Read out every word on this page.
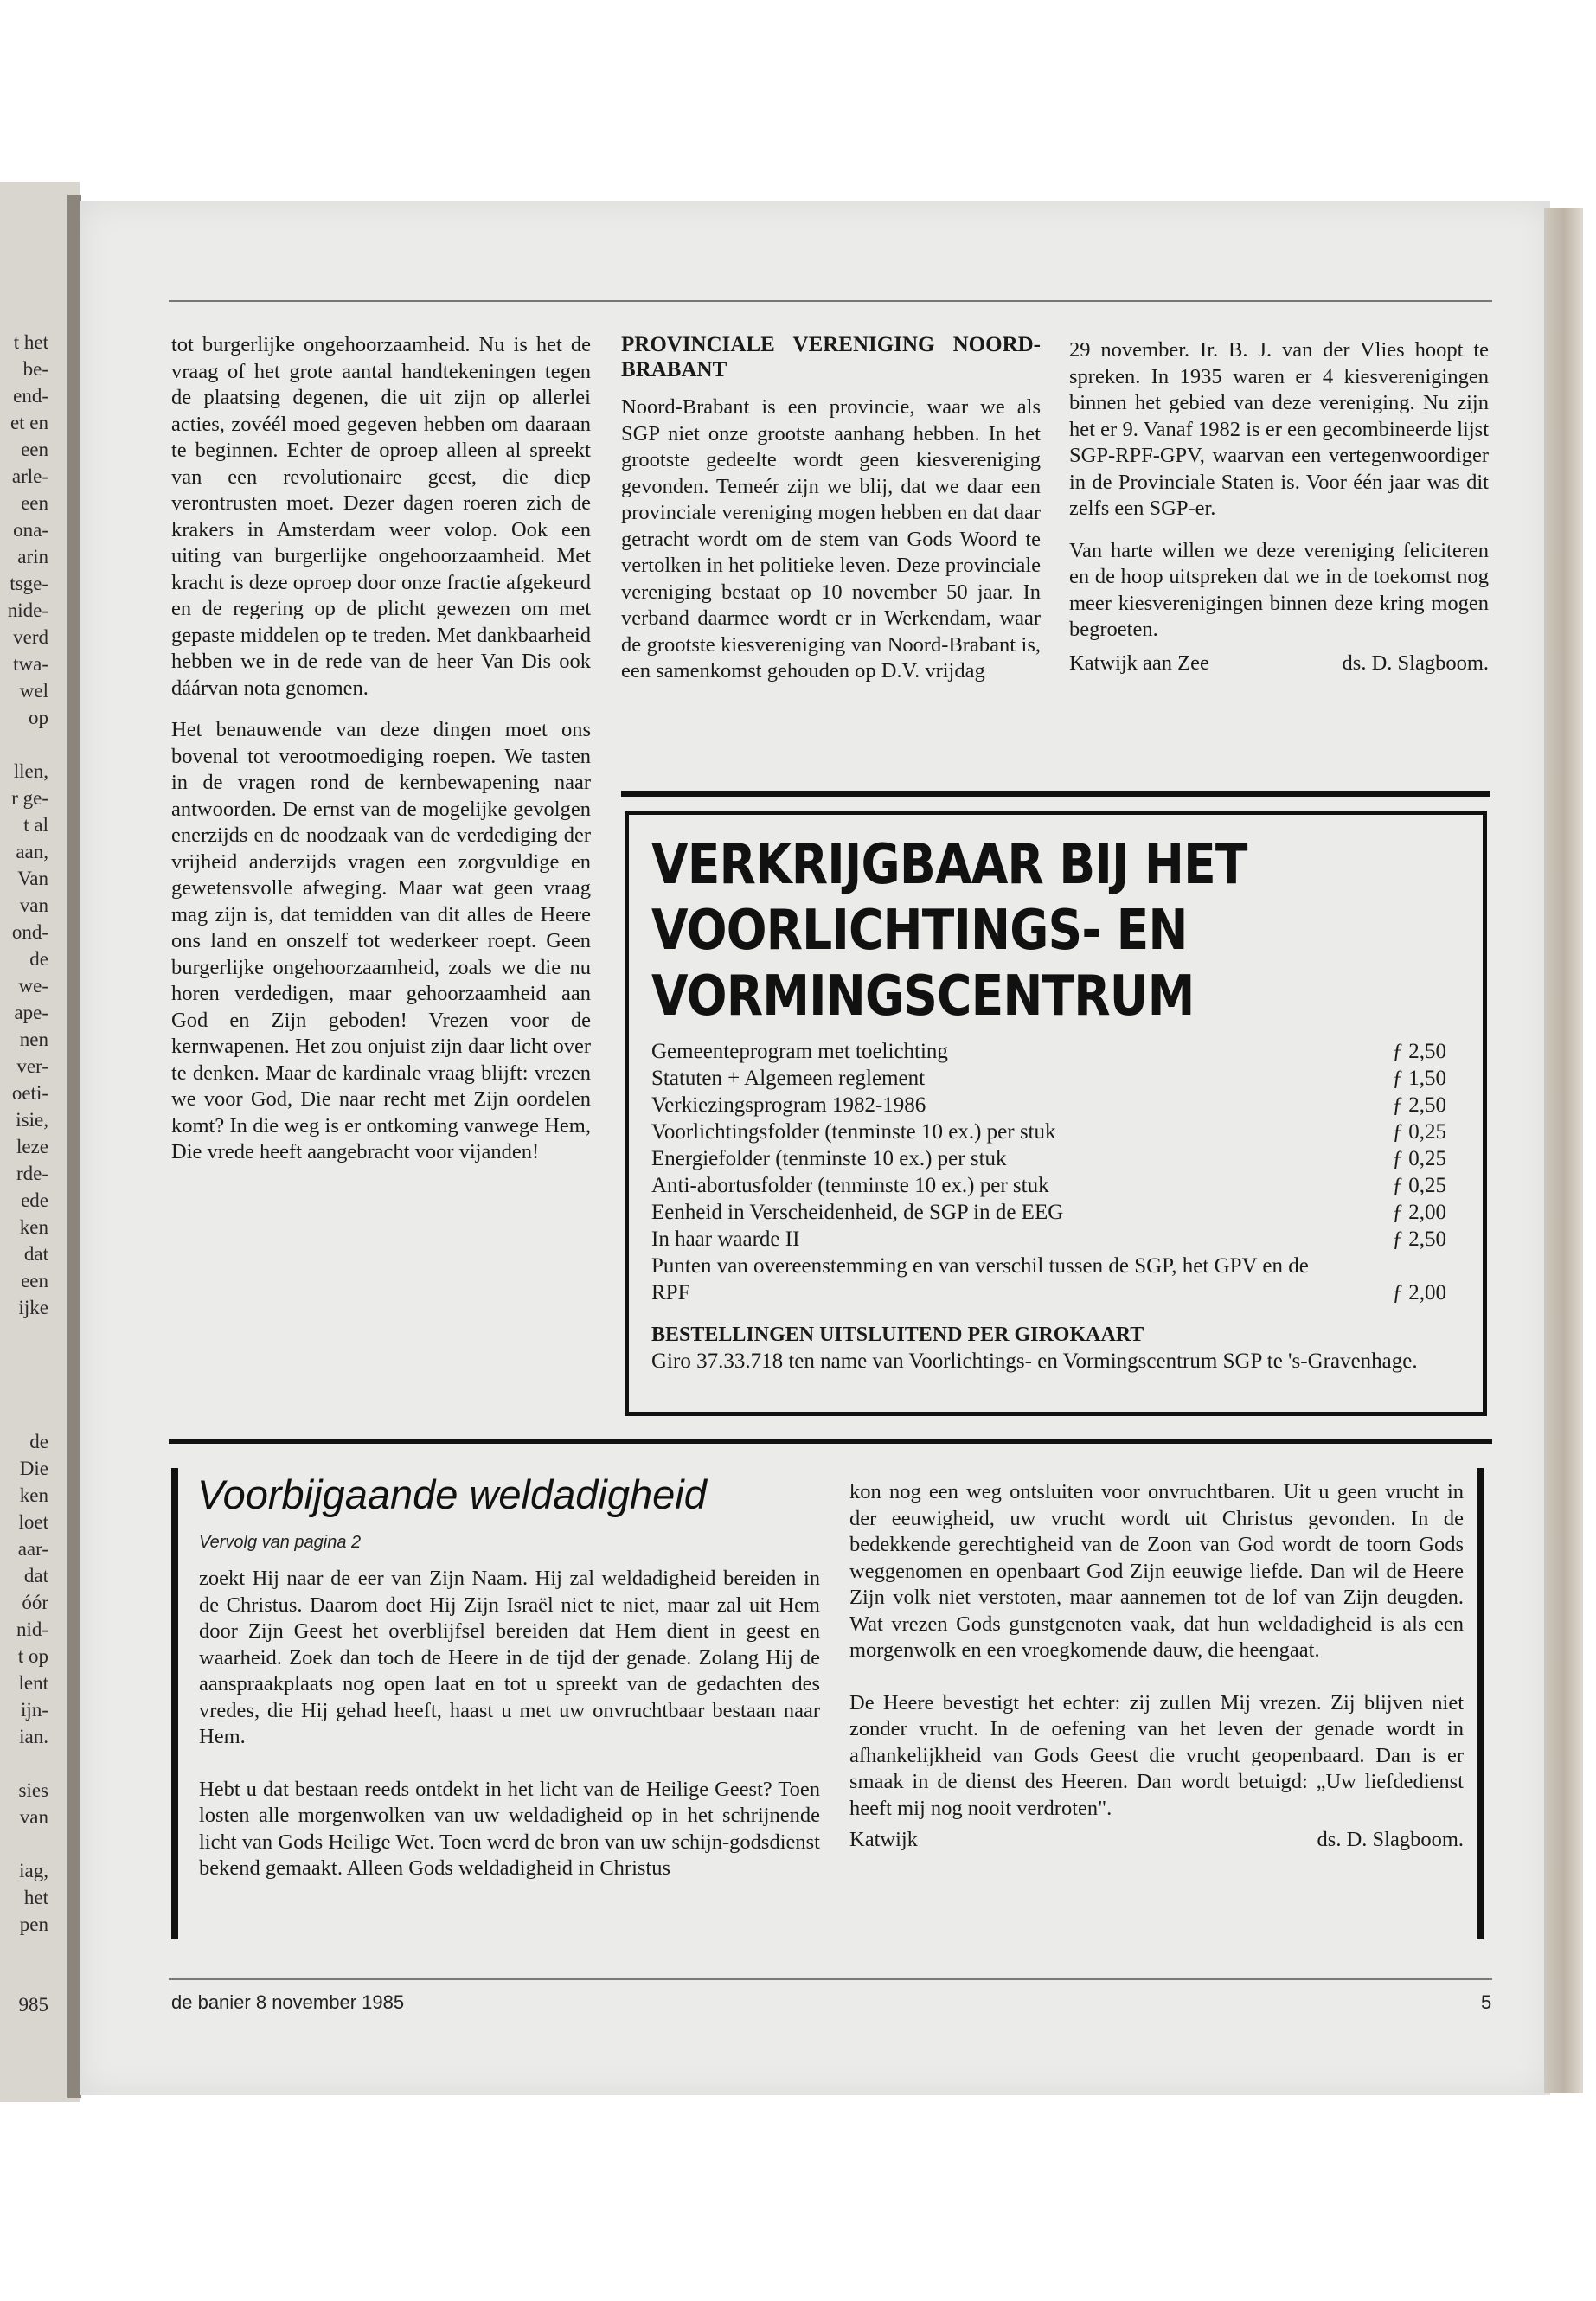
t het
be-
end-
et en
een
arle-
een
ona-
arin
tsge-
nide-
verd
twa-
wel
op
llen,
r ge-
t al
aan,
Van
van
ond-
de
we-
ape-
nen
ver-
oeti-
isie,
leze
rde-
ede
ken
dat
een
ijke
de
Die
ken
loet
aar-
dat
óór
nid-
t op
lent
ijn-
ian.
sies
van
iag,
het
pen
985

tot burgerlijke ongehoorzaamheid. Nu is het de vraag of het grote aantal handtekeningen tegen de plaatsing degenen, die uit zijn op allerlei acties, zovéél moed gegeven hebben om daaraan te beginnen. Echter de oproep alleen al spreekt van een revolutionaire geest, die diep verontrusten moet. Dezer dagen roeren zich de krakers in Amsterdam weer volop. Ook een uiting van burgerlijke ongehoorzaamheid. Met kracht is deze oproep door onze fractie afgekeurd en de regering op de plicht gewezen om met gepaste middelen op te treden. Met dankbaarheid hebben we in de rede van de heer Van Dis ook dáárvan nota genomen.

Het benauwende van deze dingen moet ons bovenal tot verootmoediging roepen. We tasten in de vragen rond de kernbewapening naar antwoorden. De ernst van de mogelijke gevolgen enerzijds en de noodzaak van de verdediging der vrijheid anderzijds vragen een zorgvuldige en gewetensvolle afweging. Maar wat geen vraag mag zijn is, dat temidden van dit alles de Heere ons land en onszelf tot wederkeer roept. Geen burgerlijke ongehoorzaamheid, zoals we die nu horen verdedigen, maar gehoorzaamheid aan God en Zijn geboden! Vrezen voor de kernwapenen. Het zou onjuist zijn daar licht over te denken. Maar de kardinale vraag blijft: vrezen we voor God, Die naar recht met Zijn oordelen komt? In die weg is er ontkoming vanwege Hem, Die vrede heeft aangebracht voor vijanden!

PROVINCIALE VERENIGING NOORD-BRABANT

Noord-Brabant is een provincie, waar we als SGP niet onze grootste aanhang hebben. In het grootste gedeelte wordt geen kiesvereniging gevonden. Temeér zijn we blij, dat we daar een provinciale vereniging mogen hebben en dat daar getracht wordt om de stem van Gods Woord te vertolken in het politieke leven. Deze provinciale vereniging bestaat op 10 november 50 jaar. In verband daarmee wordt er in Werkendam, waar de grootste kiesvereniging van Noord-Brabant is, een samenkomst gehouden op D.V. vrijdag

29 november. Ir. B. J. van der Vlies hoopt te spreken. In 1935 waren er 4 kiesverenigingen binnen het gebied van deze vereniging. Nu zijn het er 9. Vanaf 1982 is er een gecombineerde lijst SGP-RPF-GPV, waarvan een vertegenwoordiger in de Provinciale Staten is. Voor één jaar was dit zelfs een SGP-er.

Van harte willen we deze vereniging feliciteren en de hoop uitspreken dat we in de toekomst nog meer kiesverenigingen binnen deze kring mogen begroeten.

Katwijk aan Zee	ds. D. Slagboom.
VERKRIJGBAAR BIJ HET
VOORLICHTINGS- EN
VORMINGSCENTRUM
Gemeenteprogram met toelichting	ƒ 2,50
Statuten + Algemeen reglement	ƒ 1,50
Verkiezingsprogram 1982-1986	ƒ 2,50
Voorlichtingsfolder (tenminste 10 ex.) per stuk	ƒ 0,25
Energiefolder (tenminste 10 ex.) per stuk	ƒ 0,25
Anti-abortusfolder (tenminste 10 ex.) per stuk	ƒ 0,25
Eenheid in Verscheidenheid, de SGP in de EEG	ƒ 2,00
In haar waarde II	ƒ 2,50
Punten van overeenstemming en van verschil tussen de SGP, het GPV en de RPF	ƒ 2,00
BESTELLINGEN UITSLUITEND PER GIROKAART
Giro 37.33.718 ten name van Voorlichtings- en Vormingscentrum SGP te 's-Gravenhage.
Voorbijgaande weldadigheid
Vervolg van pagina 2

zoekt Hij naar de eer van Zijn Naam. Hij zal weldadigheid bereiden in de Christus. Daarom doet Hij Zijn Israël niet te niet, maar zal uit Hem door Zijn Geest het overblijfsel bereiden dat Hem dient in geest en waarheid. Zoek dan toch de Heere in de tijd der genade. Zolang Hij de aanspraakplaats nog open laat en tot u spreekt van de gedachten des vredes, die Hij gehad heeft, haast u met uw onvruchtbaar bestaan naar Hem.

Hebt u dat bestaan reeds ontdekt in het licht van de Heilige Geest? Toen losten alle morgenwolken van uw weldadigheid op in het schrijnende licht van Gods Heilige Wet. Toen werd de bron van uw schijn-godsdienst bekend gemaakt. Alleen Gods weldadigheid in Christus

kon nog een weg ontsluiten voor onvruchtbaren. Uit u geen vrucht in der eeuwigheid, uw vrucht wordt uit Christus gevonden. In de bedekkende gerechtigheid van de Zoon van God wordt de toorn Gods weggenomen en openbaart God Zijn eeuwige liefde. Dan wil de Heere Zijn volk niet verstoten, maar aannemen tot de lof van Zijn deugden. Wat vrezen Gods gunstgenoten vaak, dat hun weldadigheid is als een morgenwolk en een vroegkomende dauw, die heengaat.

De Heere bevestigt het echter: zij zullen Mij vrezen. Zij blijven niet zonder vrucht. In de oefening van het leven der genade wordt in afhankelijkheid van Gods Geest die vrucht geopenbaard. Dan is er smaak in de dienst des Heeren. Dan wordt betuigd: „Uw liefdedienst heeft mij nog nooit verdroten".

Katwijk	ds. D. Slagboom.
de banier 8 november 1985	5
